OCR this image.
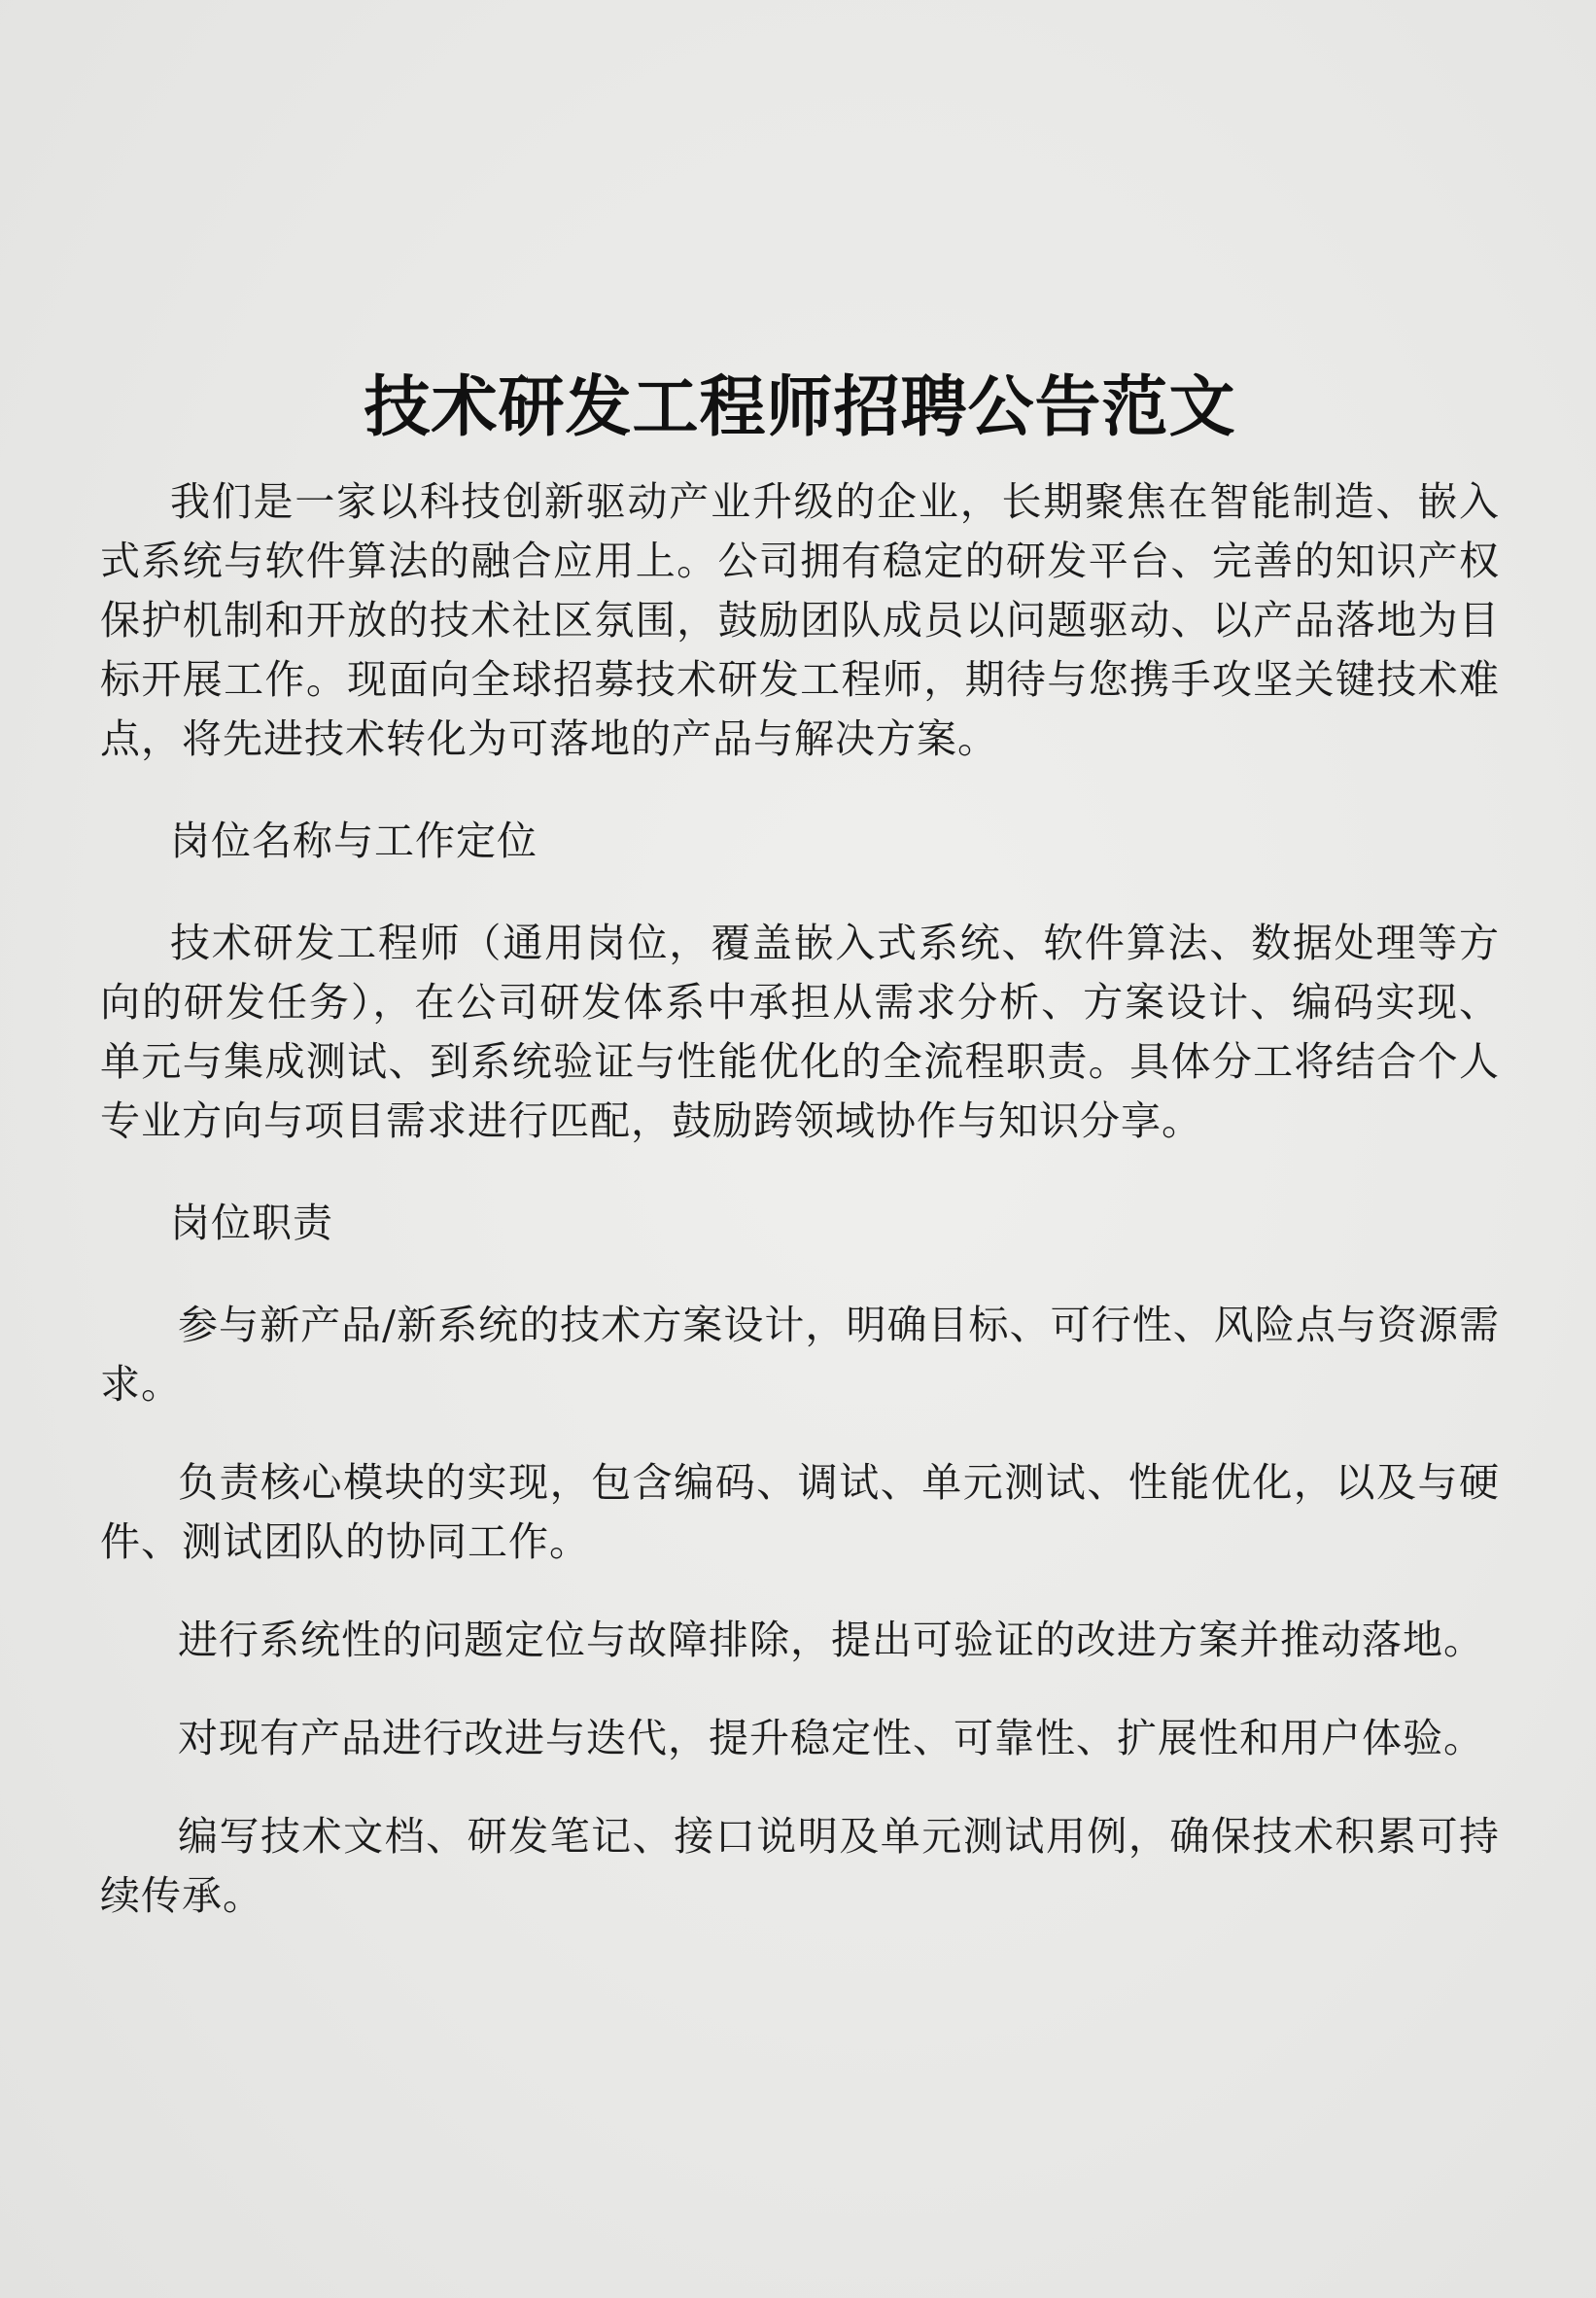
技术研发工程师招聘公告范文

我们是一家以科技创新驱动产业升级的企业，长期聚焦在智能制造、嵌入式系统与软件算法的融合应用上。公司拥有稳定的研发平台、完善的知识产权保护机制和开放的技术社区氛围，鼓励团队成员以问题驱动、以产品落地为目标开展工作。现面向全球招募技术研发工程师，期待与您携手攻坚关键技术难点，将先进技术转化为可落地的产品与解决方案。

岗位名称与工作定位

技术研发工程师（通用岗位，覆盖嵌入式系统、软件算法、数据处理等方向的研发任务），在公司研发体系中承担从需求分析、方案设计、编码实现、单元与集成测试、到系统验证与性能优化的全流程职责。具体分工将结合个人专业方向与项目需求进行匹配，鼓励跨领域协作与知识分享。

岗位职责

参与新产品/新系统的技术方案设计，明确目标、可行性、风险点与资源需求。

负责核心模块的实现，包含编码、调试、单元测试、性能优化，以及与硬件、测试团队的协同工作。

进行系统性的问题定位与故障排除，提出可验证的改进方案并推动落地。

对现有产品进行改进与迭代，提升稳定性、可靠性、扩展性和用户体验。

编写技术文档、研发笔记、接口说明及单元测试用例，确保技术积累可持续传承。
